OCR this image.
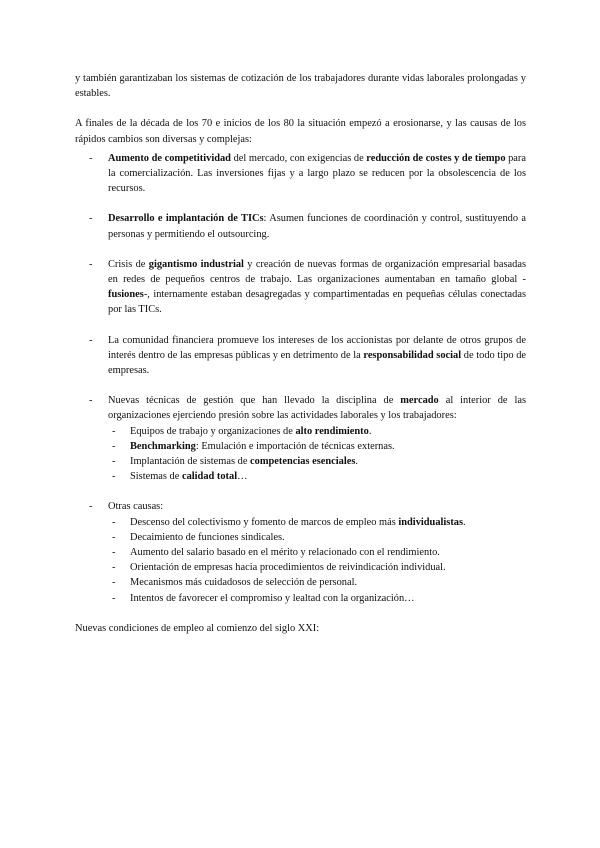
y también garantizaban los sistemas de cotización de los trabajadores durante vidas laborales prolongadas y estables.

A finales de la década de los 70 e inicios de los 80 la situación empezó a erosionarse, y las causas de los rápidos cambios son diversas y complejas:

- Aumento de competitividad del mercado, con exigencias de reducción de costes y de tiempo para la comercialización. Las inversiones fijas y a largo plazo se reducen por la obsolescencia de los recursos.
- Desarrollo e implantación de TICs: Asumen funciones de coordinación y control, sustituyendo a personas y permitiendo el outsourcing.
- Crisis de gigantismo industrial y creación de nuevas formas de organización empresarial basadas en redes de pequeños centros de trabajo. Las organizaciones aumentaban en tamaño global -fusiones-, internamente estaban desagregadas y compartimentadas en pequeñas células conectadas por las TICs.
- La comunidad financiera promueve los intereses de los accionistas por delante de otros grupos de interés dentro de las empresas públicas y en detrimento de la responsabilidad social de todo tipo de empresas.
- Nuevas técnicas de gestión que han llevado la disciplina de mercado al interior de las organizaciones ejerciendo presión sobre las actividades laborales y los trabajadores:
- Equipos de trabajo y organizaciones de alto rendimiento.
- Benchmarking: Emulación e importación de técnicas externas.
- Implantación de sistemas de competencias esenciales.
- Sistemas de calidad total…
- Otras causas:
- Descenso del colectivismo y fomento de marcos de empleo más individualistas.
- Decaimiento de funciones sindicales.
- Aumento del salario basado en el mérito y relacionado con el rendimiento.
- Orientación de empresas hacia procedimientos de reivindicación individual.
- Mecanismos más cuidadosos de selección de personal.
- Intentos de favorecer el compromiso y lealtad con la organización…

Nuevas condiciones de empleo al comienzo del siglo XXI:
